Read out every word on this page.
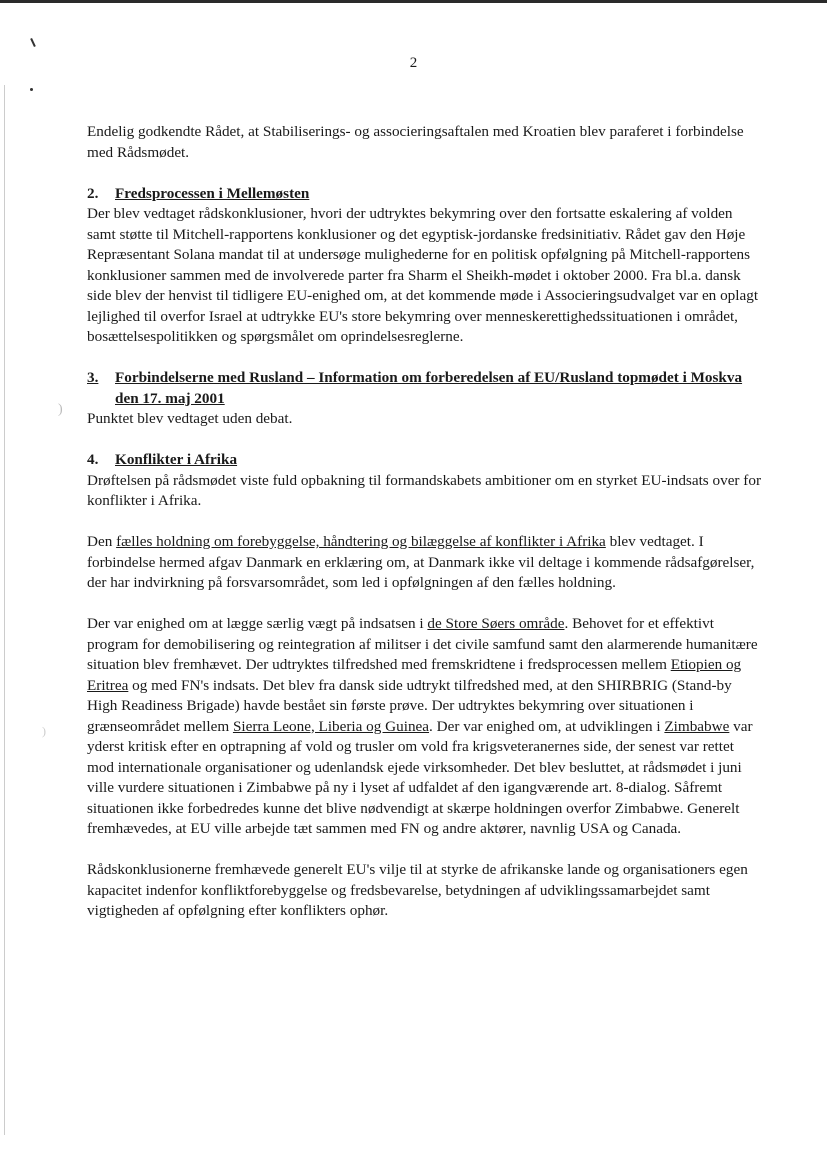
)
)
2

Endelig godkendte Rådet, at Stabiliserings- og associeringsaftalen med Kroatien blev paraferet i forbindelse med Rådsmødet.

2. Fredsprocessen i Mellemøsten

Der blev vedtaget rådskonklusioner, hvori der udtryktes bekymring over den fortsatte eskalering af volden samt støtte til Mitchell-rapportens konklusioner og det egyptisk-jordanske fredsinitiativ. Rådet gav den Høje Repræsentant Solana mandat til at undersøge mulighederne for en politisk opfølgning på Mitchell-rapportens konklusioner sammen med de involverede parter fra Sharm el Sheikh-mødet i oktober 2000. Fra bl.a. dansk side blev der henvist til tidligere EU-enighed om, at det kommende møde i Associeringsudvalget var en oplagt lejlighed til overfor Israel at udtrykke EU's store bekymring over menneskerettighedssituationen i området, bosættelsespolitikken og spørgsmålet om oprindelsesreglerne.

3.	Forbindelserne med Rusland – Information om forberedelsen af EU/Rusland topmødet i Moskva den 17. maj 2001

Punktet blev vedtaget uden debat.

4. Konflikter i Afrika

Drøftelsen på rådsmødet viste fuld opbakning til formandskabets ambitioner om en styrket EU-indsats over for konflikter i Afrika.

Den fælles holdning om forebyggelse, håndtering og bilæggelse af konflikter i Afrika blev vedtaget. I forbindelse hermed afgav Danmark en erklæring om, at Danmark ikke vil deltage i kommende rådsafgørelser, der har indvirkning på forsvarsområdet, som led i opfølgningen af den fælles holdning.

Der var enighed om at lægge særlig vægt på indsatsen i de Store Søers område. Behovet for et effektivt program for demobilisering og reintegration af militser i det civile samfund samt den alarmerende humanitære situation blev fremhævet. Der udtryktes tilfredshed med fremskridtene i fredsprocessen mellem Etiopien og Eritrea og med FN's indsats. Det blev fra dansk side udtrykt tilfredshed med, at den SHIRBRIG (Stand-by High Readiness Brigade) havde bestået sin første prøve. Der udtryktes bekymring over situationen i grænseområdet mellem Sierra Leone, Liberia og Guinea. Der var enighed om, at udviklingen i Zimbabwe var yderst kritisk efter en optrapning af vold og trusler om vold fra krigsveteranernes side, der senest var rettet mod internationale organisationer og udenlandsk ejede virksomheder. Det blev besluttet, at rådsmødet i juni ville vurdere situationen i Zimbabwe på ny i lyset af udfaldet af den igangværende art. 8-dialog. Såfremt situationen ikke forbedredes kunne det blive nødvendigt at skærpe holdningen overfor Zimbabwe. Generelt fremhævedes, at EU ville arbejde tæt sammen med FN og andre aktører, navnlig USA og Canada.

Rådskonklusionerne fremhævede generelt EU's vilje til at styrke de afrikanske lande og organisationers egen kapacitet indenfor konfliktforebyggelse og fredsbevarelse, betydningen af udviklingssamarbejdet samt vigtigheden af opfølgning efter konflikters ophør.
